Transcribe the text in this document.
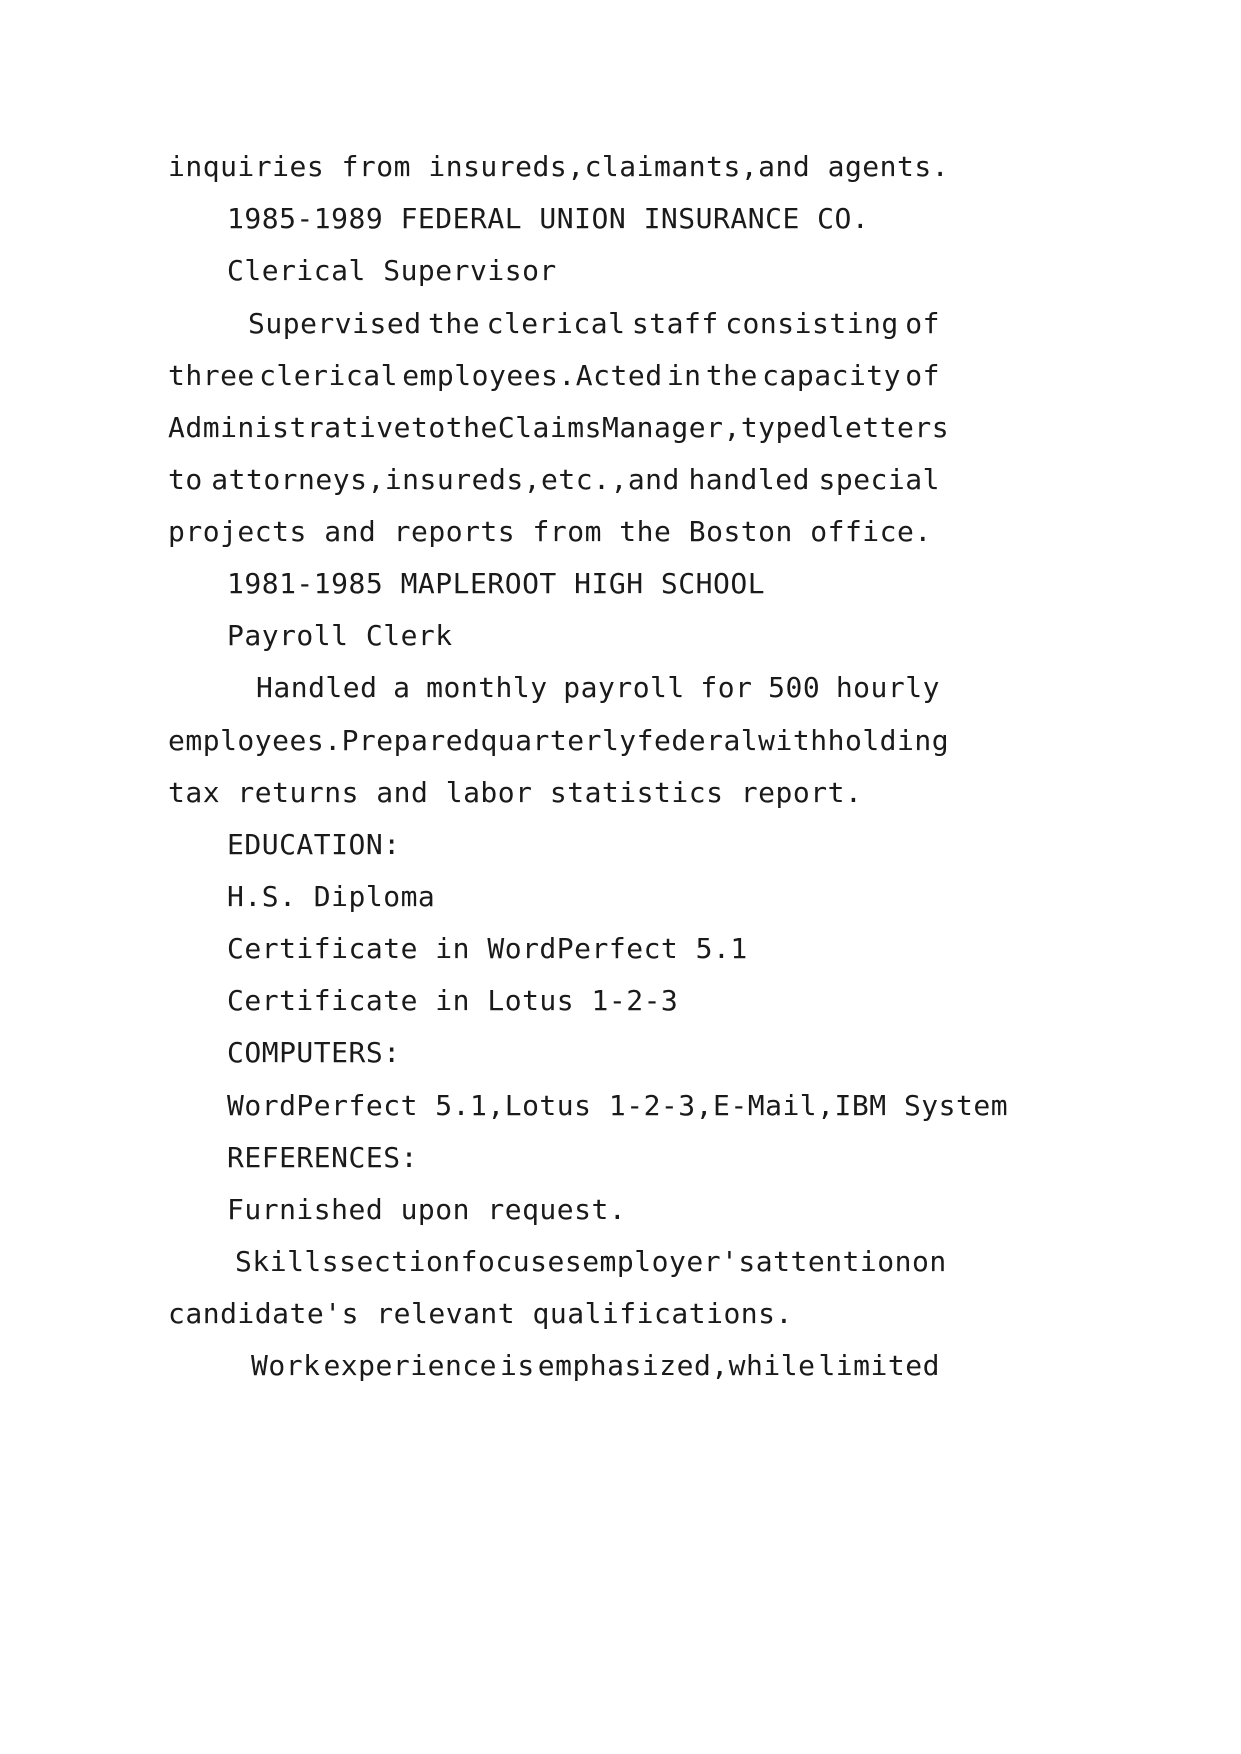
inquiries from insureds,claimants,and agents.
1985-1989 FEDERAL UNION INSURANCE CO.
Clerical Supervisor
Supervised the clerical staff consisting of
three clerical employees.Acted in the capacity of
Administrative to the Claims Manager,typed letters
to attorneys,insureds,etc.,and handled special
projects and reports from the Boston office.
1981-1985 MAPLEROOT HIGH SCHOOL
Payroll Clerk
Handled a monthly payroll for 500 hourly
employees.Prepared quarterly federal withholding
tax returns and labor statistics report.
EDUCATION:
H.S. Diploma
Certificate in WordPerfect 5.1
Certificate in Lotus 1-2-3
COMPUTERS:
WordPerfect 5.1,Lotus 1-2-3,E-Mail,IBM System
REFERENCES:
Furnished upon request.
Skills section focuses employer's attention on
candidate's relevant qualifications.
Work experience is emphasized,while limited
